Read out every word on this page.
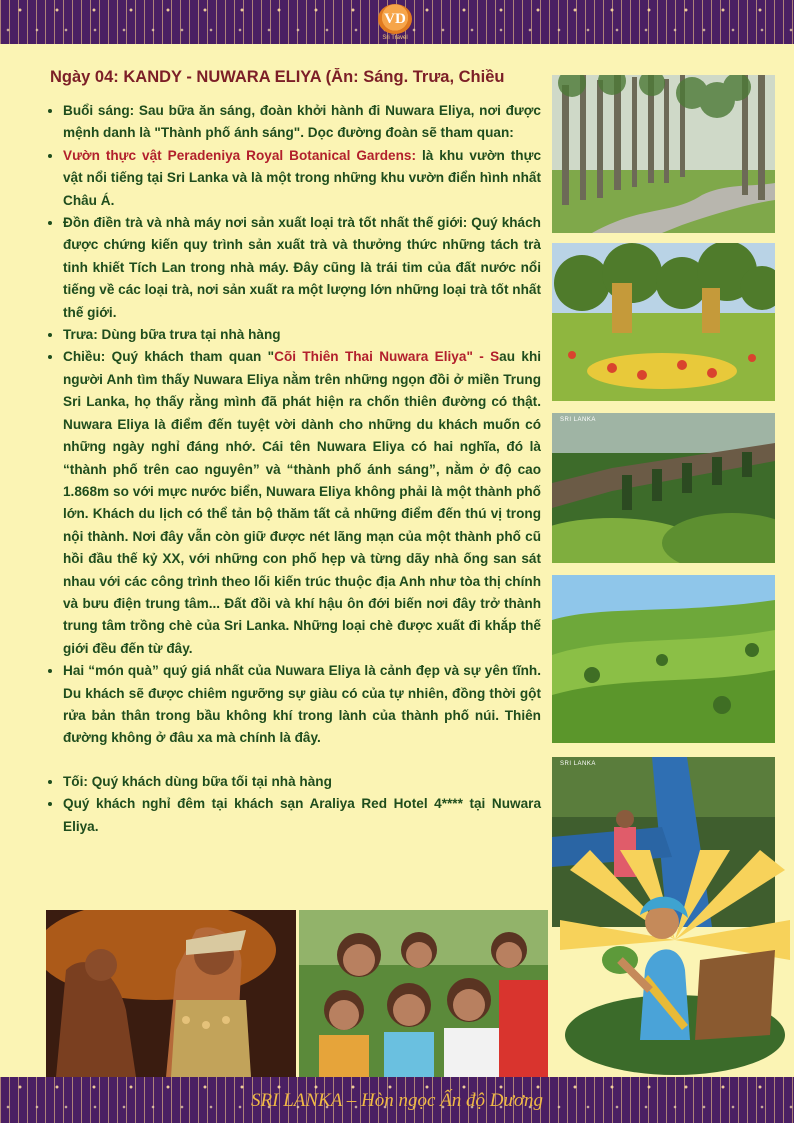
VD
Sri Travel
Ngày 04: KANDY - NUWARA ELIYA (Ăn: Sáng. Trưa, Chiều
• Buổi sáng: Sau bữa ăn sáng, đoàn khởi hành đi Nuwara Eliya, nơi được mệnh danh là "Thành phố ánh sáng". Dọc đường đoàn sẽ tham quan:
• Vườn thực vật Peradeniya Royal Botanical Gardens: là khu vườn thực vật nổi tiếng tại Sri Lanka và là một trong những khu vườn điển hình nhất Châu Á.
• Đồn điền trà và nhà máy nơi sản xuất loại trà tốt nhất thế giới: Quý khách được chứng kiến quy trình sản xuất trà và thưởng thức những tách trà tinh khiết Tích Lan trong nhà máy. Đây cũng là trái tim của đất nước nổi tiếng về các loại trà, nơi sản xuất ra một lượng lớn những loại trà tốt nhất thế giới.
• Trưa: Dùng bữa trưa tại nhà hàng
• Chiều: Quý khách tham quan "Cõi Thiên Thai Nuwara Eliya" - Sau khi người Anh tìm thấy Nuwara Eliya nằm trên những ngọn đồi ở miền Trung Sri Lanka, họ thấy rằng mình đã phát hiện ra chốn thiên đường có thật. Nuwara Eliya là điểm đến tuyệt vời dành cho những du khách muốn có những ngày nghỉ đáng nhớ. Cái tên Nuwara Eliya có hai nghĩa, đó là “thành phố trên cao nguyên” và “thành phố ánh sáng”, nằm ở độ cao 1.868m so với mực nước biển, Nuwara Eliya không phải là một thành phố lớn. Khách du lịch có thể tản bộ thăm tất cả những điểm đến thú vị trong nội thành. Nơi đây vẫn còn giữ được nét lãng mạn của một thành phố cũ hồi đầu thế kỷ XX, với những con phố hẹp và từng dãy nhà ống san sát nhau với các công trình theo lối kiến trúc thuộc địa Anh như tòa thị chính và bưu điện trung tâm... Đất đồi và khí hậu ôn đới biến nơi đây trở thành trung tâm trồng chè của Sri Lanka. Những loại chè được xuất đi khắp thế giới đều đến từ đây.
• Hai “món quà” quý giá nhất của Nuwara Eliya là cảnh đẹp và sự yên tĩnh. Du khách sẽ được chiêm ngưỡng sự giàu có của tự nhiên, đồng thời gột rửa bản thân trong bầu không khí trong lành của thành phố núi. Thiên đường không ở đâu xa mà chính là đây.
• Tối: Quý khách dùng bữa tối tại nhà hàng
• Quý khách nghỉ đêm tại khách sạn Araliya Red Hotel 4**** tại Nuwara Eliya.
SRI LANKA
SRI LANKA
SRI LANKA – Hòn ngọc Ấn độ Dương
